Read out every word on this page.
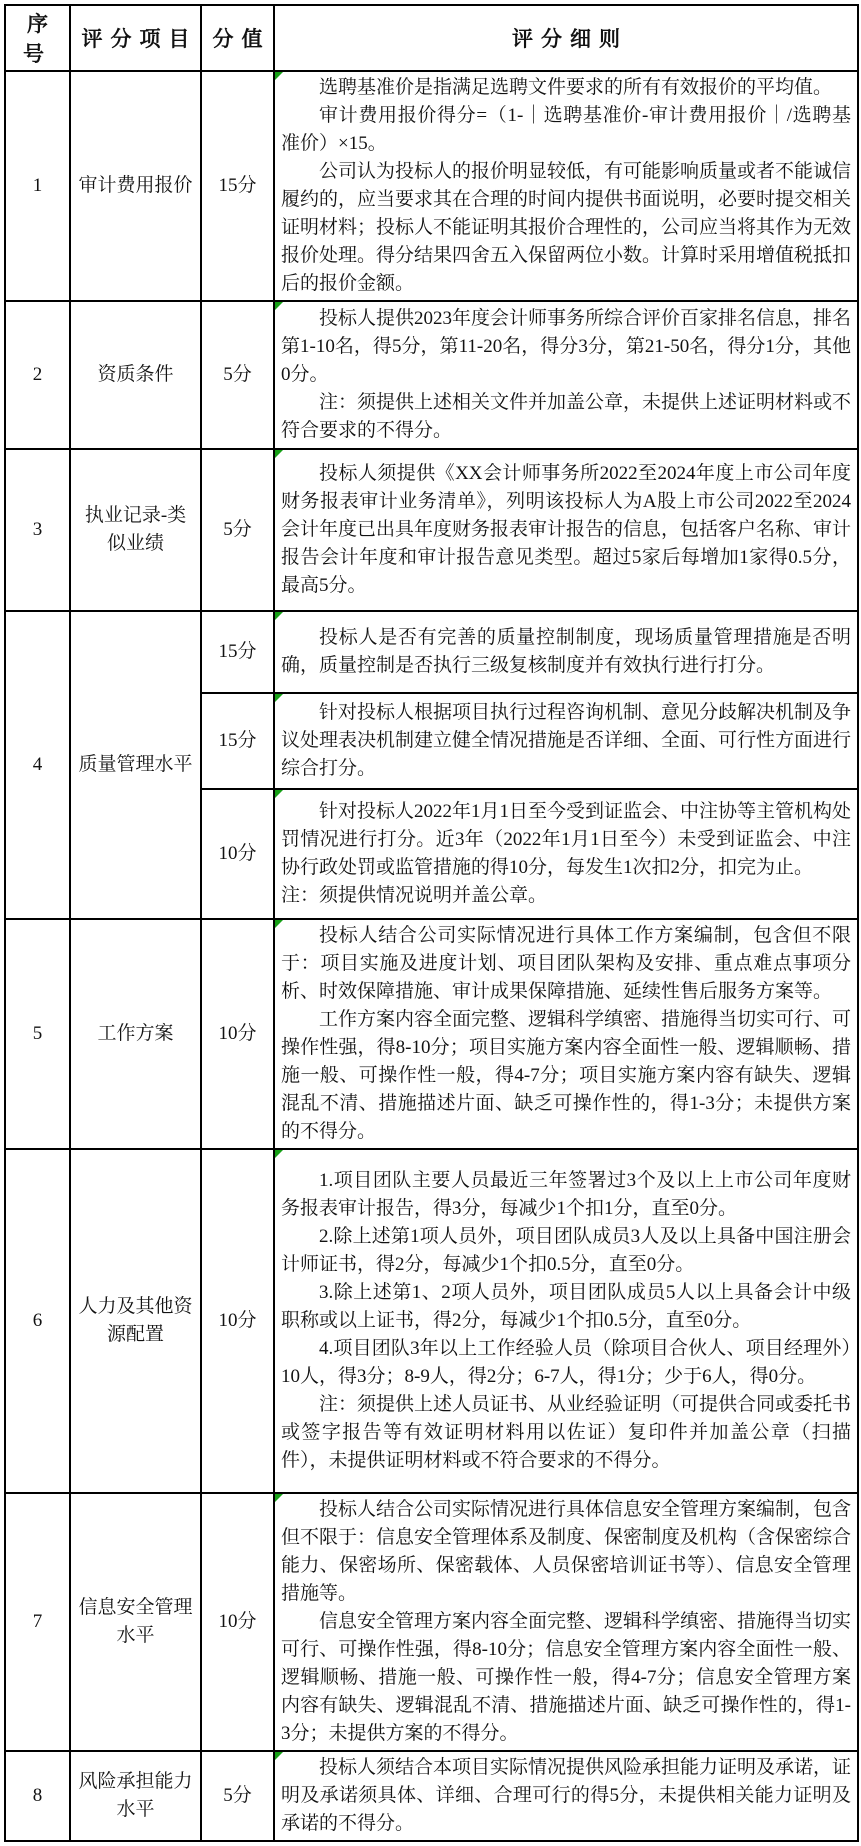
序号	评分项目	分值	评分细则
1	审计费用报价	15分	选聘基准价是指满足选聘文件要求的所有有效报价的平均值。

审计费用报价得分=（1-｜选聘基准价-审计费用报价｜/选聘基准价）×15。

公司认为投标人的报价明显较低，有可能影响质量或者不能诚信履约的，应当要求其在合理的时间内提供书面说明，必要时提交相关证明材料；投标人不能证明其报价合理性的，公司应当将其作为无效报价处理。得分结果四舍五入保留两位小数。计算时采用增值税抵扣后的报价金额。

2	资质条件	5分	投标人提供2023年度会计师事务所综合评价百家排名信息，排名第1-10名，得5分，第11-20名，得分3分，第21-50名，得分1分，其他0分。

注：须提供上述相关文件并加盖公章，未提供上述证明材料或不符合要求的不得分。

3	执业记录-类似业绩	5分	投标人须提供《XX会计师事务所2022至2024年度上市公司年度财务报表审计业务清单》，列明该投标人为A股上市公司2022至2024会计年度已出具年度财务报表审计报告的信息，包括客户名称、审计报告会计年度和审计报告意见类型。超过5家后每增加1家得0.5分，最高5分。

4	质量管理水平	15分	投标人是否有完善的质量控制制度，现场质量管理措施是否明确，质量控制是否执行三级复核制度并有效执行进行打分。

		15分	针对投标人根据项目执行过程咨询机制、意见分歧解决机制及争议处理表决机制建立健全情况措施是否详细、全面、可行性方面进行综合打分。

		10分	针对投标人2022年1月1日至今受到证监会、中注协等主管机构处罚情况进行打分。近3年（2022年1月1日至今）未受到证监会、中注协行政处罚或监管措施的得10分，每发生1次扣2分，扣完为止。

注：须提供情况说明并盖公章。

5	工作方案	10分	投标人结合公司实际情况进行具体工作方案编制，包含但不限于：项目实施及进度计划、项目团队架构及安排、重点难点事项分析、时效保障措施、审计成果保障措施、延续性售后服务方案等。

工作方案内容全面完整、逻辑科学缜密、措施得当切实可行、可操作性强，得8-10分；项目实施方案内容全面性一般、逻辑顺畅、措施一般、可操作性一般，得4-7分；项目实施方案内容有缺失、逻辑混乱不清、措施描述片面、缺乏可操作性的，得1-3分；未提供方案的不得分。

6	人力及其他资源配置	10分	1.项目团队主要人员最近三年签署过3个及以上上市公司年度财务报表审计报告，得3分，每减少1个扣1分，直至0分。

2.除上述第1项人员外，项目团队成员3人及以上具备中国注册会计师证书，得2分，每减少1个扣0.5分，直至0分。

3.除上述第1、2项人员外，项目团队成员5人以上具备会计中级职称或以上证书，得2分，每减少1个扣0.5分，直至0分。

4.项目团队3年以上工作经验人员（除项目合伙人、项目经理外）10人，得3分；8-9人，得2分；6-7人，得1分；少于6人，得0分。

注：须提供上述人员证书、从业经验证明（可提供合同或委托书或签字报告等有效证明材料用以佐证）复印件并加盖公章（扫描件），未提供证明材料或不符合要求的不得分。

7	信息安全管理水平	10分	投标人结合公司实际情况进行具体信息安全管理方案编制，包含但不限于：信息安全管理体系及制度、保密制度及机构（含保密综合能力、保密场所、保密载体、人员保密培训证书等）、信息安全管理措施等。

信息安全管理方案内容全面完整、逻辑科学缜密、措施得当切实可行、可操作性强，得8-10分；信息安全管理方案内容全面性一般、逻辑顺畅、措施一般、可操作性一般，得4-7分；信息安全管理方案内容有缺失、逻辑混乱不清、措施描述片面、缺乏可操作性的，得1-3分；未提供方案的不得分。

8	风险承担能力水平	5分	投标人须结合本项目实际情况提供风险承担能力证明及承诺，证明及承诺须具体、详细、合理可行的得5分，未提供相关能力证明及承诺的不得分。
